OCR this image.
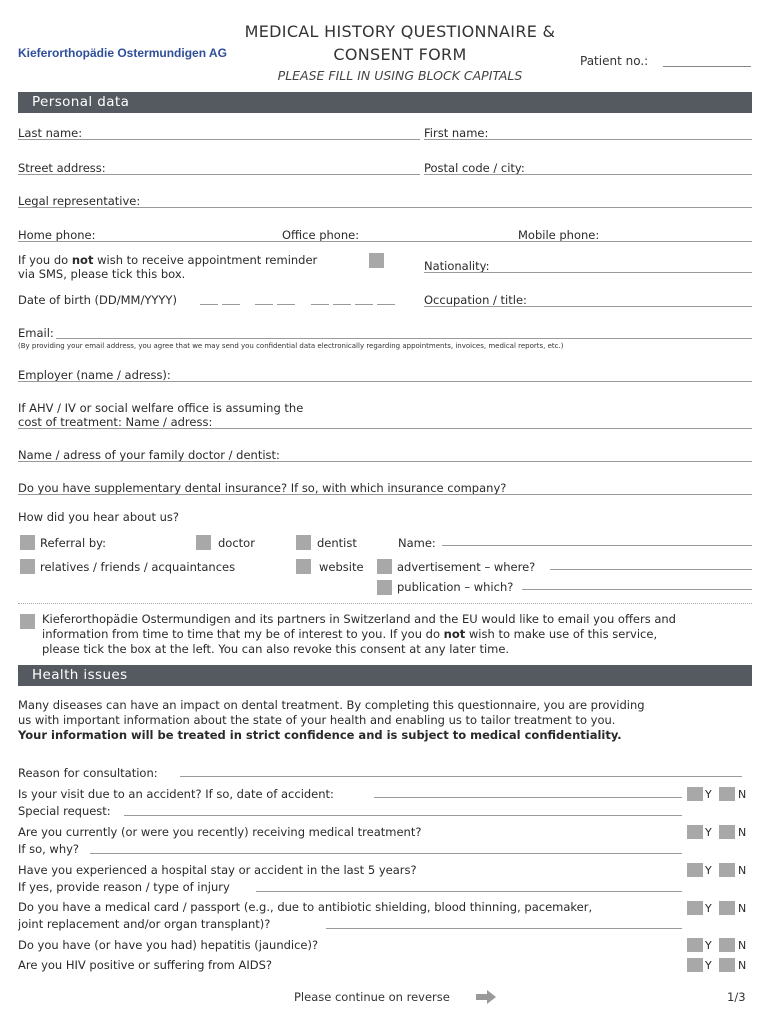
Kieferorthopädie Ostermundigen AG
MEDICAL HISTORY QUESTIONNAIRE &
CONSENT FORM
PLEASE FILL IN USING BLOCK CAPITALS
Patient no.:
Personal data
Last name:	First name:
Street address:	Postal code / city:
Legal representative:
Home phone:	Office phone:	Mobile phone:
If you do not wish to receive appointment reminder
via SMS, please tick this box.
Nationality:
Date of birth (DD/MM/YYYY)	Occupation / title:
Email:
(By providing your email address, you agree that we may send you confidential data electronically regarding appointments, invoices, medical reports, etc.)
Employer (name / adress):
If AHV / IV or social welfare office is assuming the
cost of treatment: Name / adress:
Name / adress of your family doctor / dentist:
Do you have supplementary dental insurance? If so, with which insurance company?
How did you hear about us?
Referral by:	doctor	dentist	Name:
relatives / friends / acquaintances	website	advertisement – where?
publication – which?
Kieferorthopädie Ostermundigen and its partners in Switzerland and the EU would like to email you offers and
information from time to time that my be of interest to you. If you do not wish to make use of this service,
please tick the box at the left. You can also revoke this consent at any later time.
Health issues
Many diseases can have an impact on dental treatment. By completing this questionnaire, you are providing
us with important information about the state of your health and enabling us to tailor treatment to you.
Your information will be treated in strict confidence and is subject to medical confidentiality.
Reason for consultation:
Is your visit due to an accident? If so, date of accident:	Y N
Special request:
Are you currently (or were you recently) receiving medical treatment?	Y N
If so, why?
Have you experienced a hospital stay or accident in the last 5 years?	Y N
If yes, provide reason / type of injury
Do you have a medical card / passport (e.g., due to antibiotic shielding, blood thinning, pacemaker,	Y N
joint replacement and/or organ transplant)?
Do you have (or have you had) hepatitis (jaundice)?	Y N
Are you HIV positive or suffering from AIDS?	Y N
Please continue on reverse	1/3
